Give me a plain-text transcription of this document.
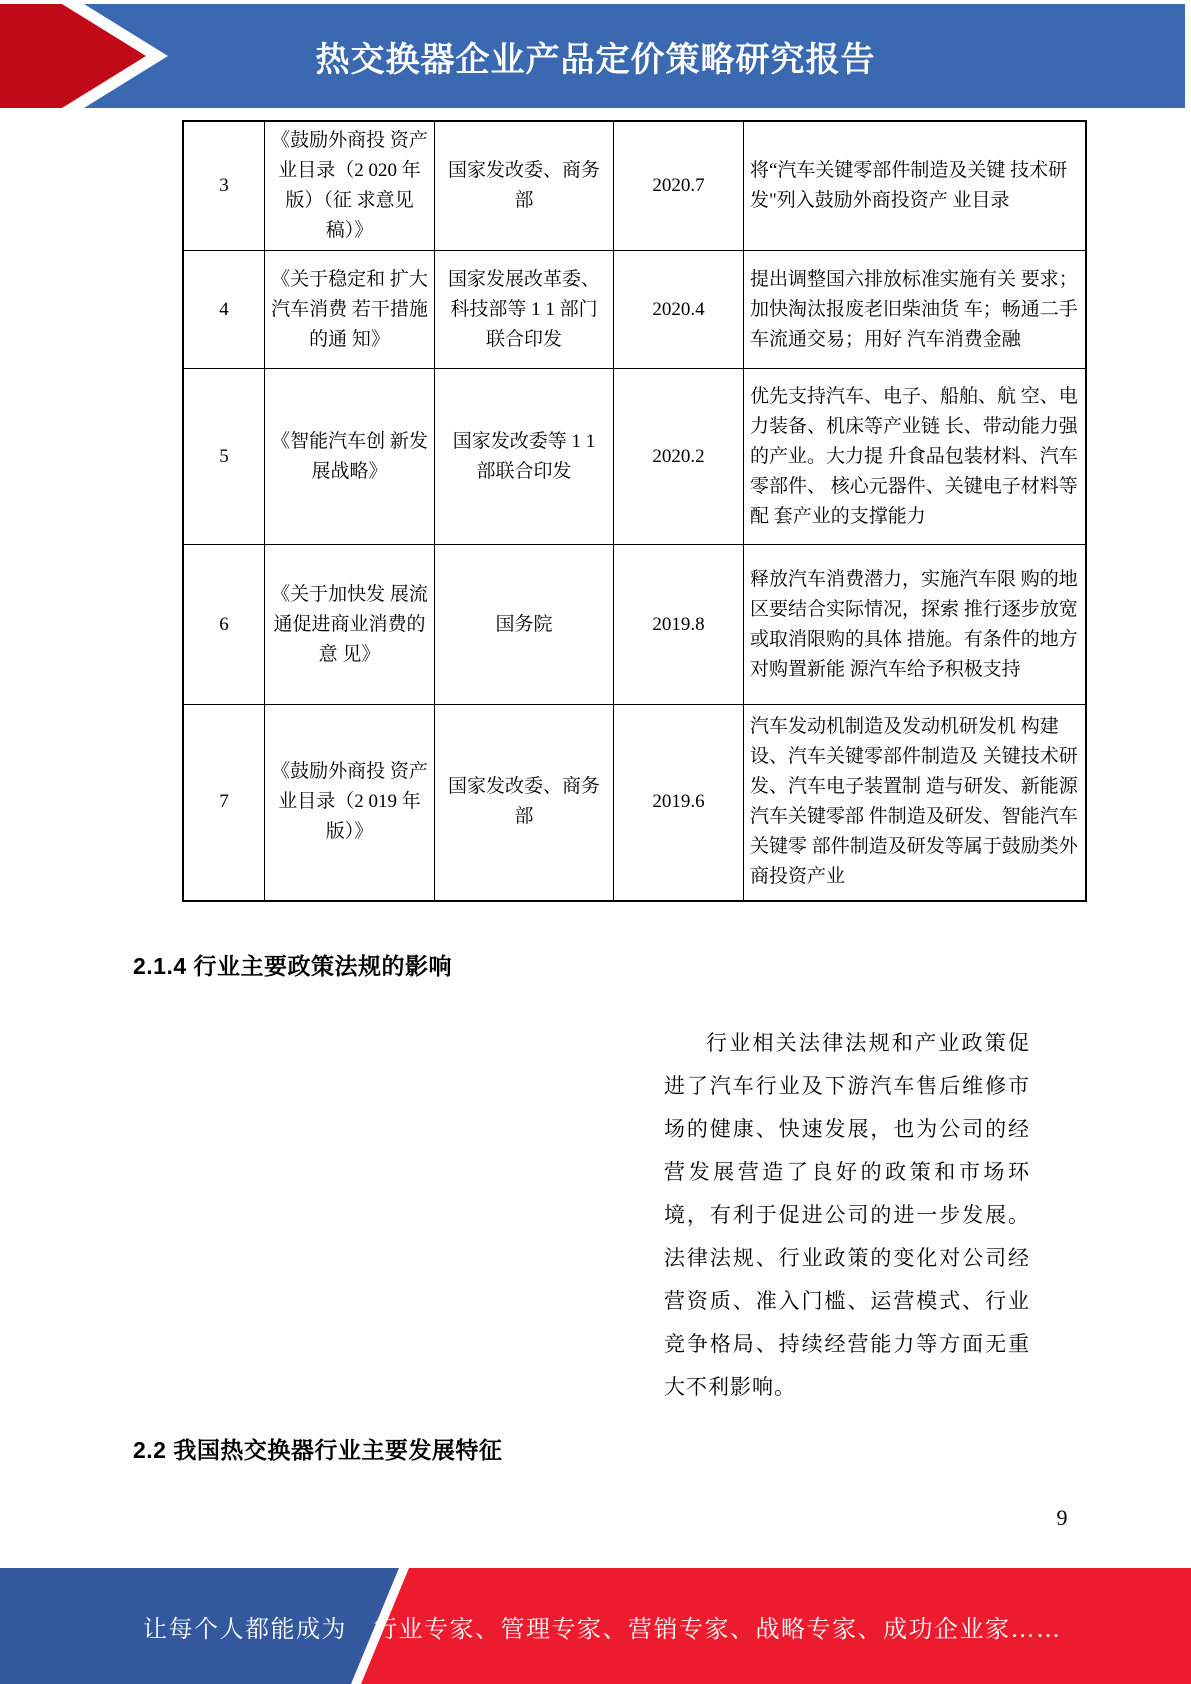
热交换器企业产品定价策略研究报告
3	《鼓励外商投 资产业目录（2 020 年版）（征 求意见稿）》	国家发改委、商务部	2020.7	将“汽车关键零部件制造及关键 技术研发"列入鼓励外商投资产 业目录
4	《关于稳定和 扩大汽车消费 若干措施的通 知》	国家发展改革委、科技部等 1 1 部门联合印发	2020.4	提出调整国六排放标准实施有关 要求；加快淘汰报废老旧柴油货 车；畅通二手车流通交易；用好 汽车消费金融
5	《智能汽车创 新发展战略》	国家发改委等 1 1 部联合印发	2020.2	优先支持汽车、电子、船舶、航 空、电力装备、机床等产业链 长、带动能力强的产业。大力提 升食品包装材料、汽车零部件、 核心元器件、关键电子材料等配 套产业的支撑能力
6	《关于加快发 展流通促进商业消费的意 见》	国务院	2019.8	释放汽车消费潜力，实施汽车限 购的地区要结合实际情况，探索 推行逐步放宽或取消限购的具体 措施。有条件的地方对购置新能 源汽车给予积极支持
7	《鼓励外商投 资产业目录（2 019 年版）》	国家发改委、商务部	2019.6	汽车发动机制造及发动机研发机 构建设、汽车关键零部件制造及 关键技术研发、汽车电子装置制 造与研发、新能源汽车关键零部 件制造及研发、智能汽车关键零 部件制造及研发等属于鼓励类外 商投资产业
2.1.4 行业主要政策法规的影响
行业相关法律法规和产业政策促进了汽车行业及下游汽车售后维修市场的健康、快速发展，也为公司的经营发展营造了良好的政策和市场环境，有利于促进公司的进一步发展。法律法规、行业政策的变化对公司经营资质、准入门槛、运营模式、行业竞争格局、持续经营能力等方面无重大不利影响。
2.2 我国热交换器行业主要发展特征
9
让每个人都能成为 行业专家、管理专家、营销专家、战略专家、成功企业家……
